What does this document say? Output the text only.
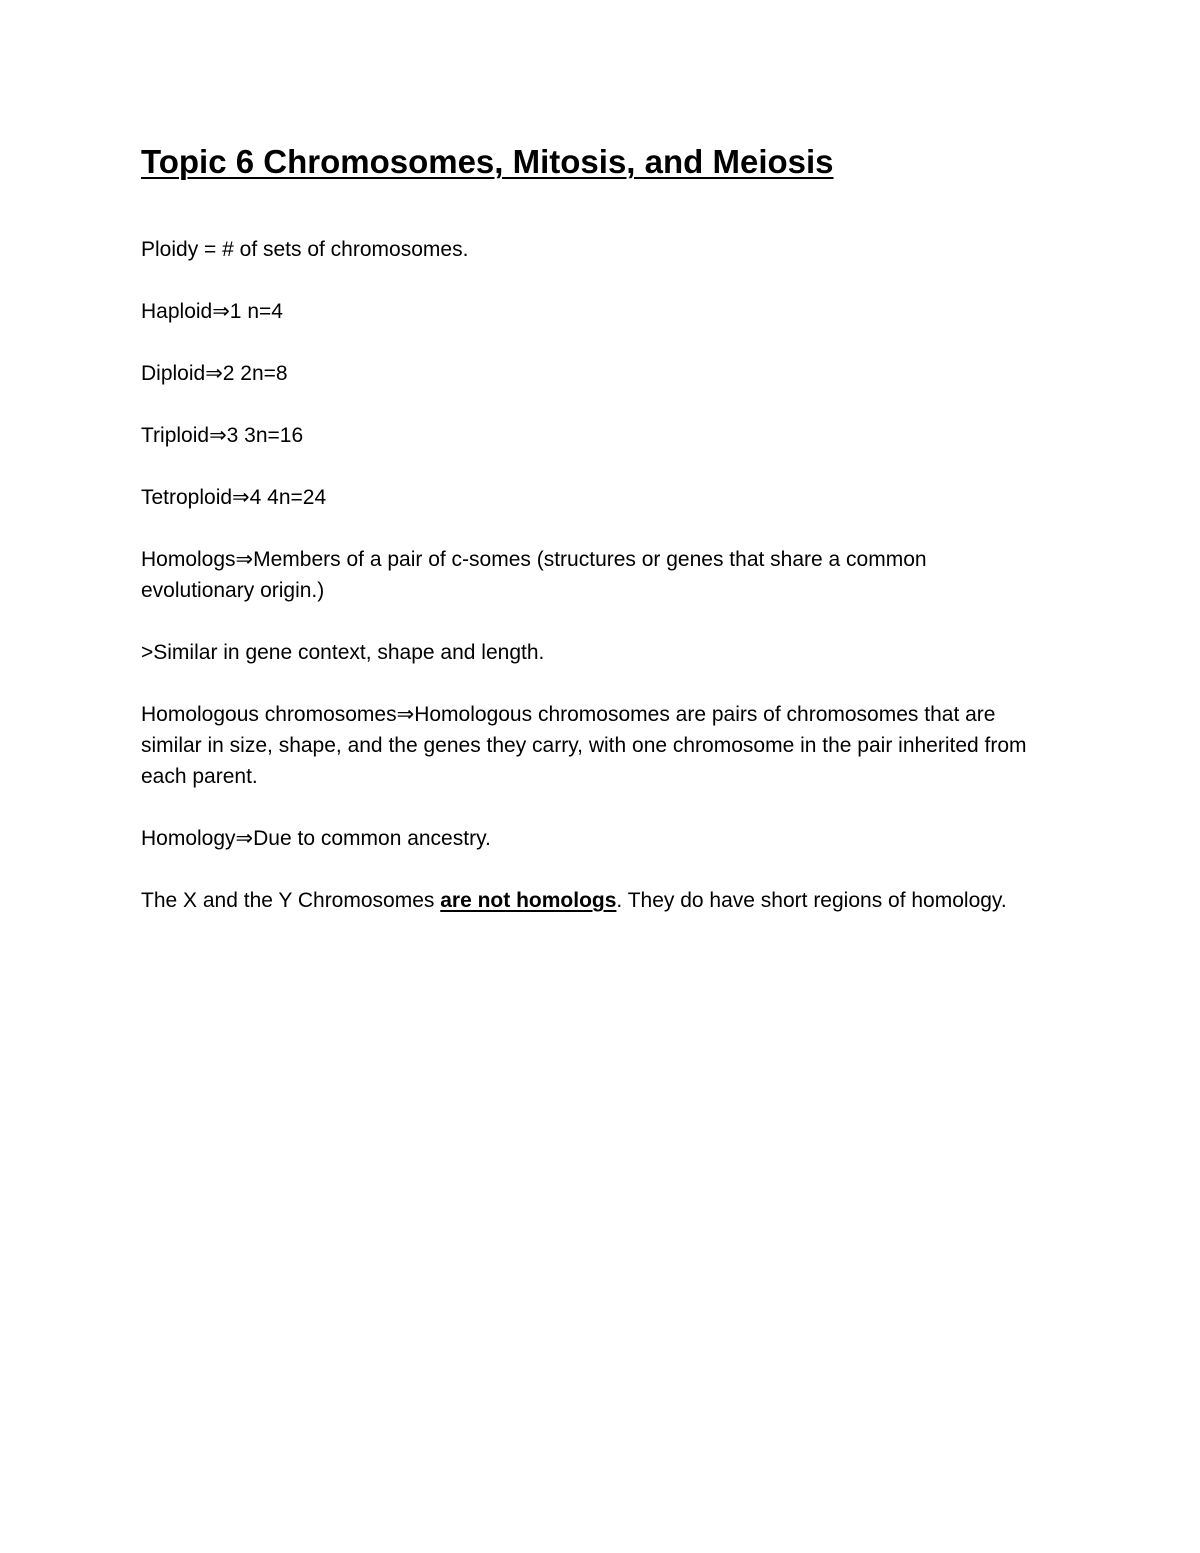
Topic 6 Chromosomes, Mitosis, and Meiosis

Ploidy = # of sets of chromosomes.

Haploid⇒1 n=4

Diploid⇒2 2n=8

Triploid⇒3 3n=16

Tetroploid⇒4 4n=24

Homologs⇒Members of a pair of c-somes (structures or genes that share a common evolutionary origin.)

>Similar in gene context, shape and length.

Homologous chromosomes⇒Homologous chromosomes are pairs of chromosomes that are similar in size, shape, and the genes they carry, with one chromosome in the pair inherited from each parent.

Homology⇒Due to common ancestry.

The X and the Y Chromosomes are not homologs. They do have short regions of homology.
